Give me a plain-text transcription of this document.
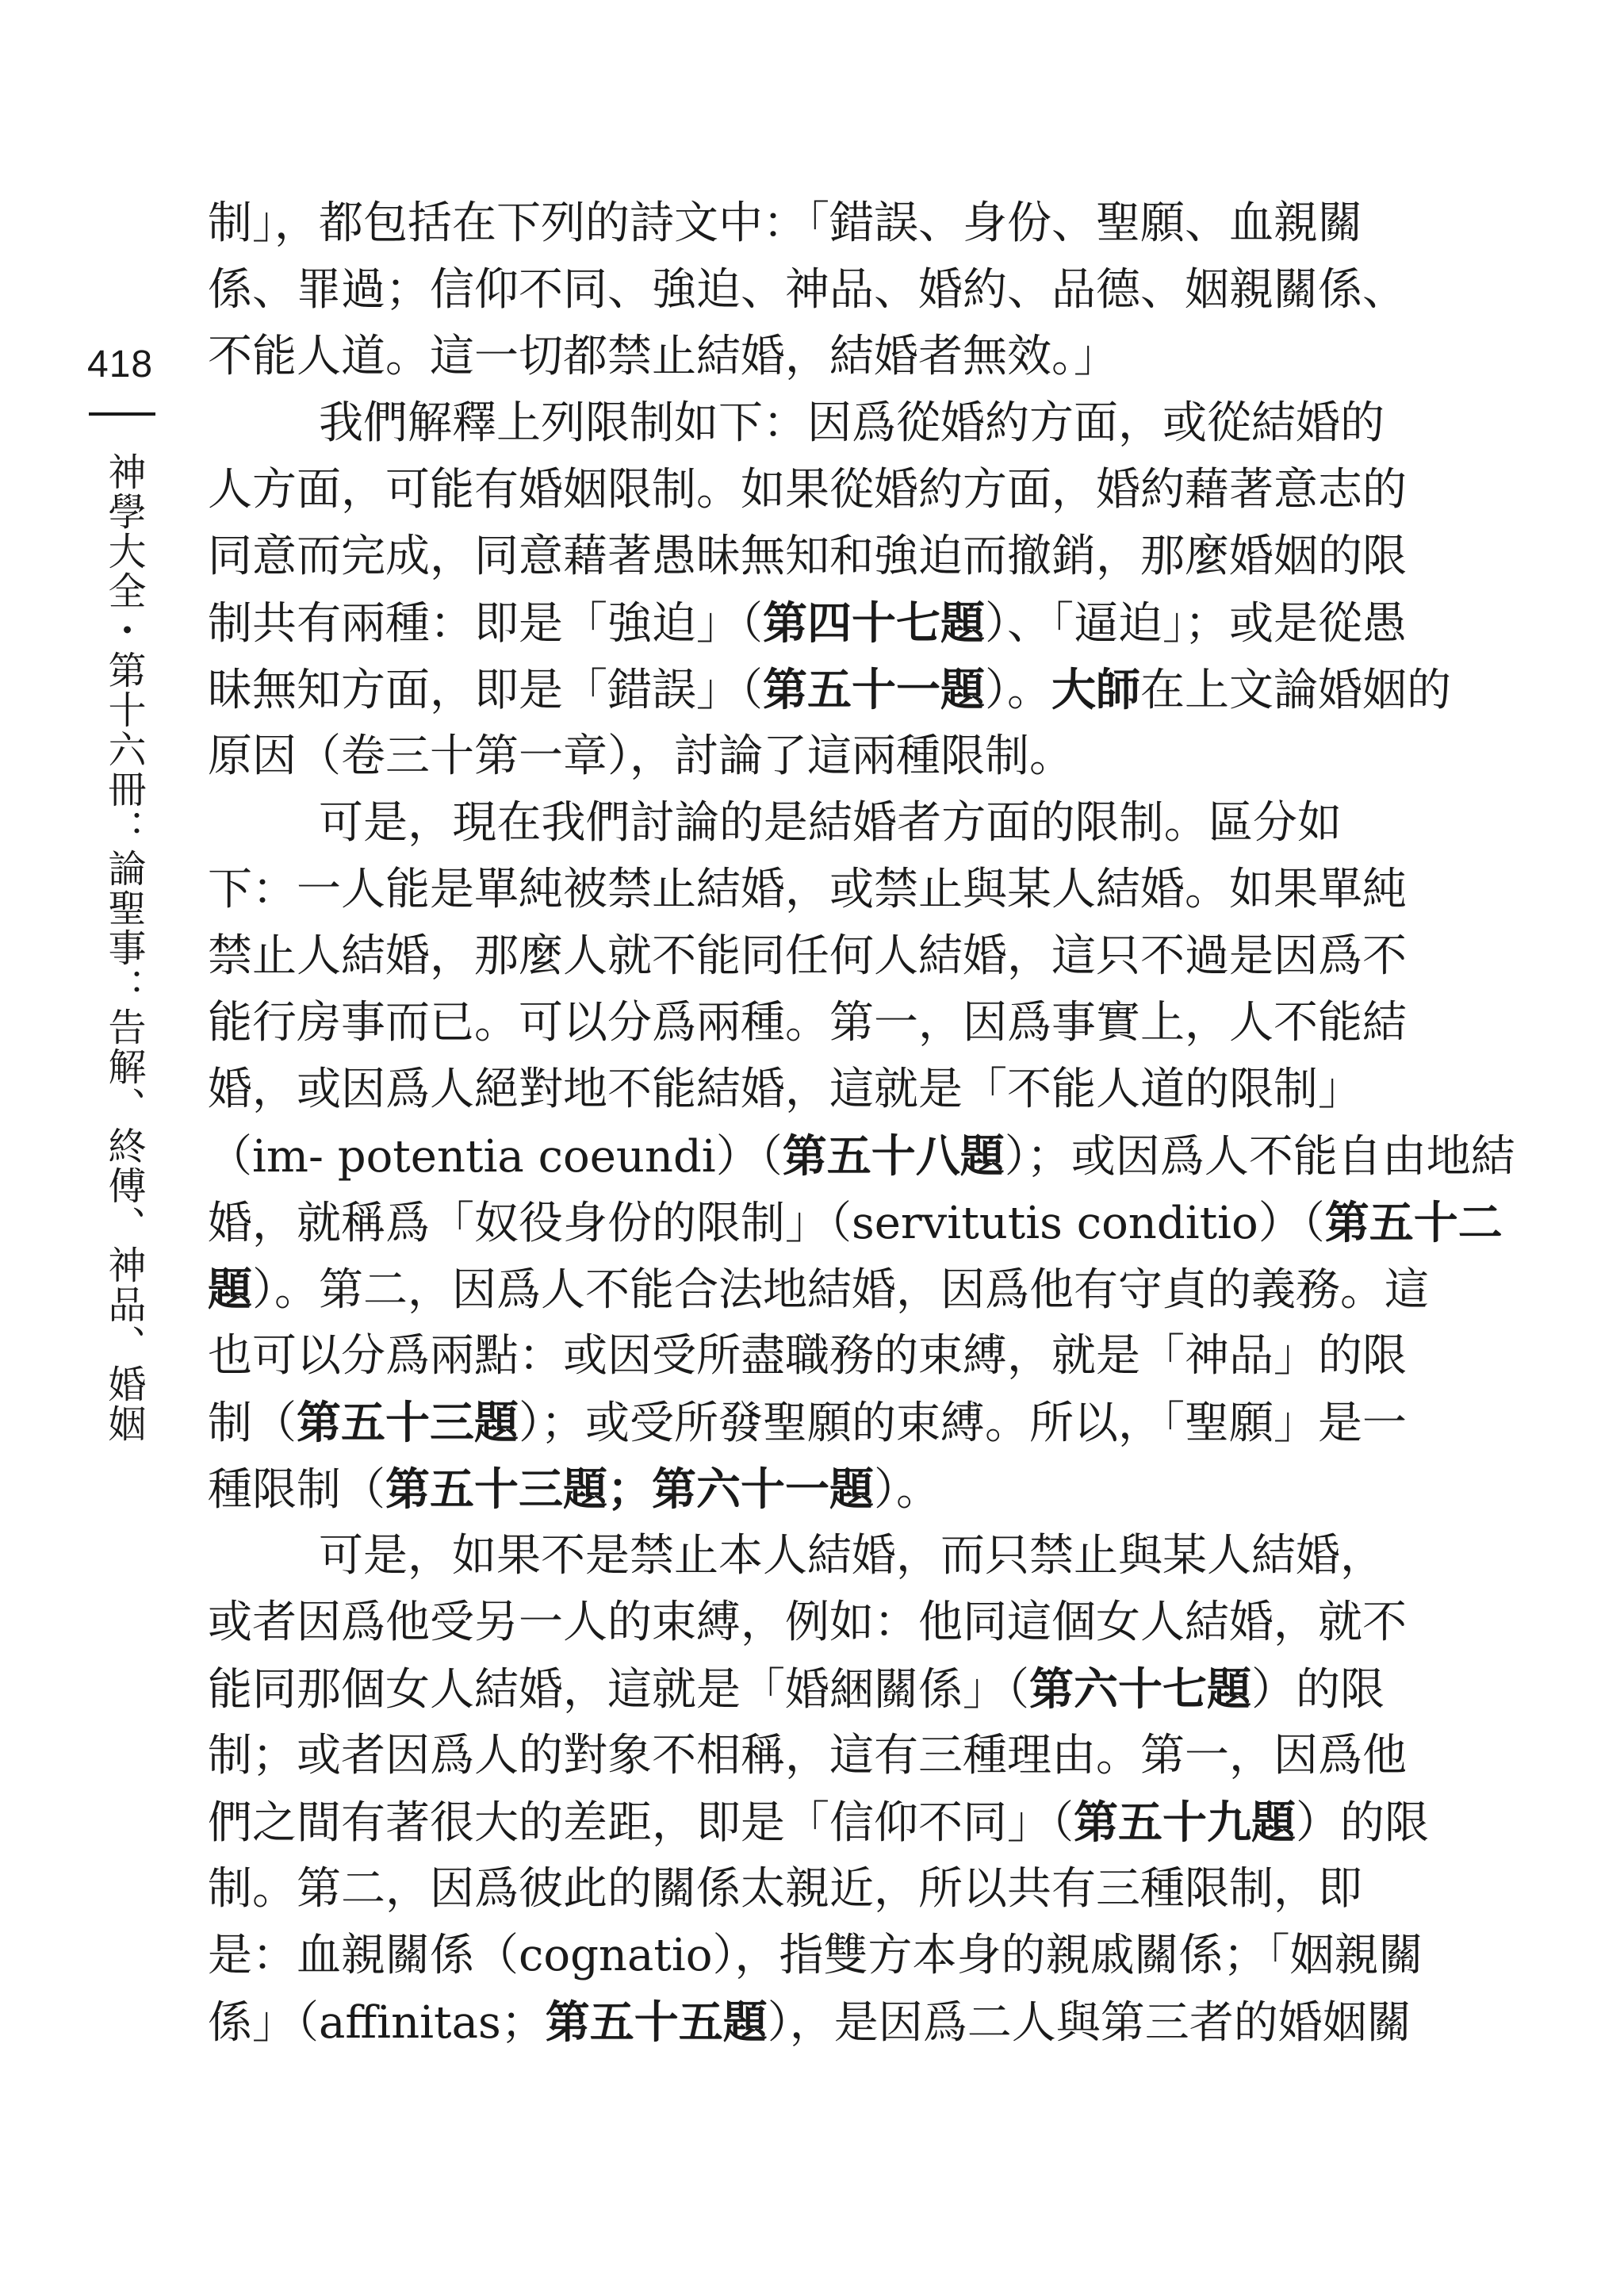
418
神學大全・第十六冊：論聖事：告解、終傅、神品、婚姻
制」，都包括在下列的詩文中：「錯誤、身份、聖願、血親關
係、罪過；信仰不同、強迫、神品、婚約、品德、姻親關係、
不能人道。這一切都禁止結婚，結婚者無效。」
我們解釋上列限制如下：因爲從婚約方面，或從結婚的
人方面，可能有婚姻限制。如果從婚約方面，婚約藉著意志的
同意而完成，同意藉著愚昧無知和強迫而撤銷，那麼婚姻的限
制共有兩種：即是「強迫」（第四十七題）、「逼迫」；或是從愚
昧無知方面，即是「錯誤」（第五十一題）。大師在上文論婚姻的
原因（卷三十第一章），討論了這兩種限制。
可是，現在我們討論的是結婚者方面的限制。區分如
下：一人能是單純被禁止結婚，或禁止與某人結婚。如果單純
禁止人結婚，那麼人就不能同任何人結婚，這只不過是因爲不
能行房事而已。可以分爲兩種。第一，因爲事實上，人不能結
婚，或因爲人絕對地不能結婚，這就是「不能人道的限制」
（im- potentia coeundi）（第五十八題）；或因爲人不能自由地結
婚，就稱爲「奴役身份的限制」（servitutis conditio）（第五十二
題）。第二，因爲人不能合法地結婚，因爲他有守貞的義務。這
也可以分爲兩點：或因受所盡職務的束縛，就是「神品」的限
制（第五十三題）；或受所發聖願的束縛。所以，「聖願」是一
種限制（第五十三題；第六十一題）。
可是，如果不是禁止本人結婚，而只禁止與某人結婚，
或者因爲他受另一人的束縛，例如：他同這個女人結婚，就不
能同那個女人結婚，這就是「婚綑關係」（第六十七題）的限
制；或者因爲人的對象不相稱，這有三種理由。第一，因爲他
們之間有著很大的差距，即是「信仰不同」（第五十九題）的限
制。第二，因爲彼此的關係太親近，所以共有三種限制，即
是：血親關係（cognatio），指雙方本身的親戚關係；「姻親關
係」（affinitas；第五十五題），是因爲二人與第三者的婚姻關
